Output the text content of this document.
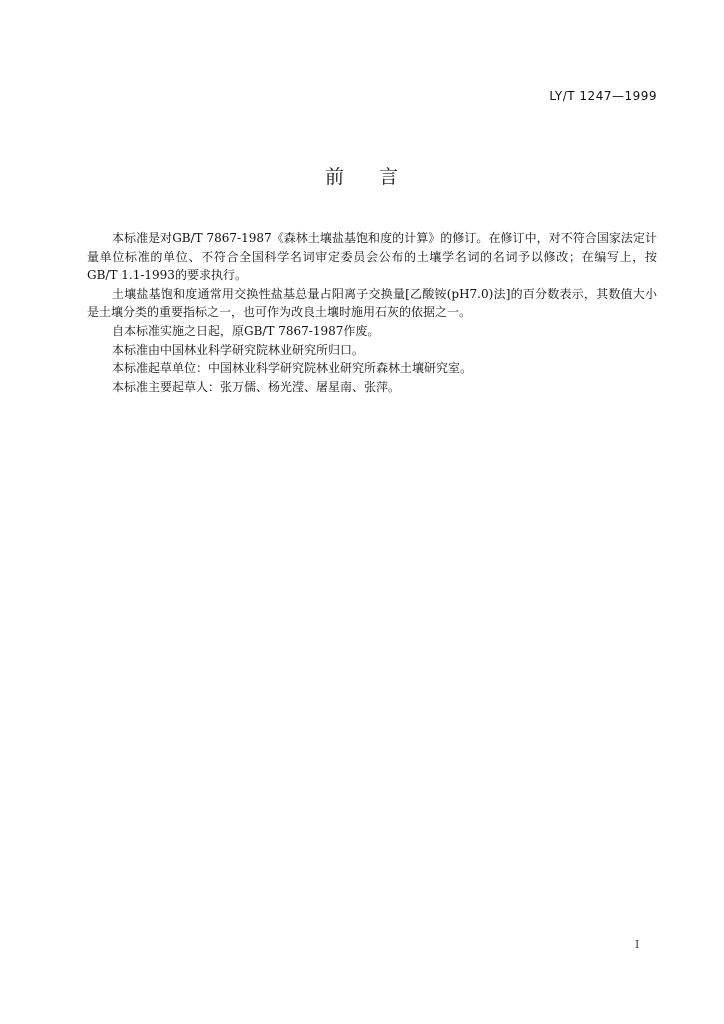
LY/T 1247—1999
前 言

本标准是对GB/T 7867-1987《森林土壤盐基饱和度的计算》的修订。在修订中，对不符合国家法定计量单位标准的单位、不符合全国科学名词审定委员会公布的土壤学名词的名词予以修改；在编写上，按GB/T 1.1-1993的要求执行。

土壤盐基饱和度通常用交换性盐基总量占阳离子交换量[乙酸铵(pH7.0)法]的百分数表示，其数值大小是土壤分类的重要指标之一，也可作为改良土壤时施用石灰的依据之一。

自本标准实施之日起，原GB/T 7867-1987作废。

本标准由中国林业科学研究院林业研究所归口。

本标准起草单位：中国林业科学研究院林业研究所森林土壤研究室。

本标准主要起草人：张万儒、杨光滢、屠星南、张萍。

I
